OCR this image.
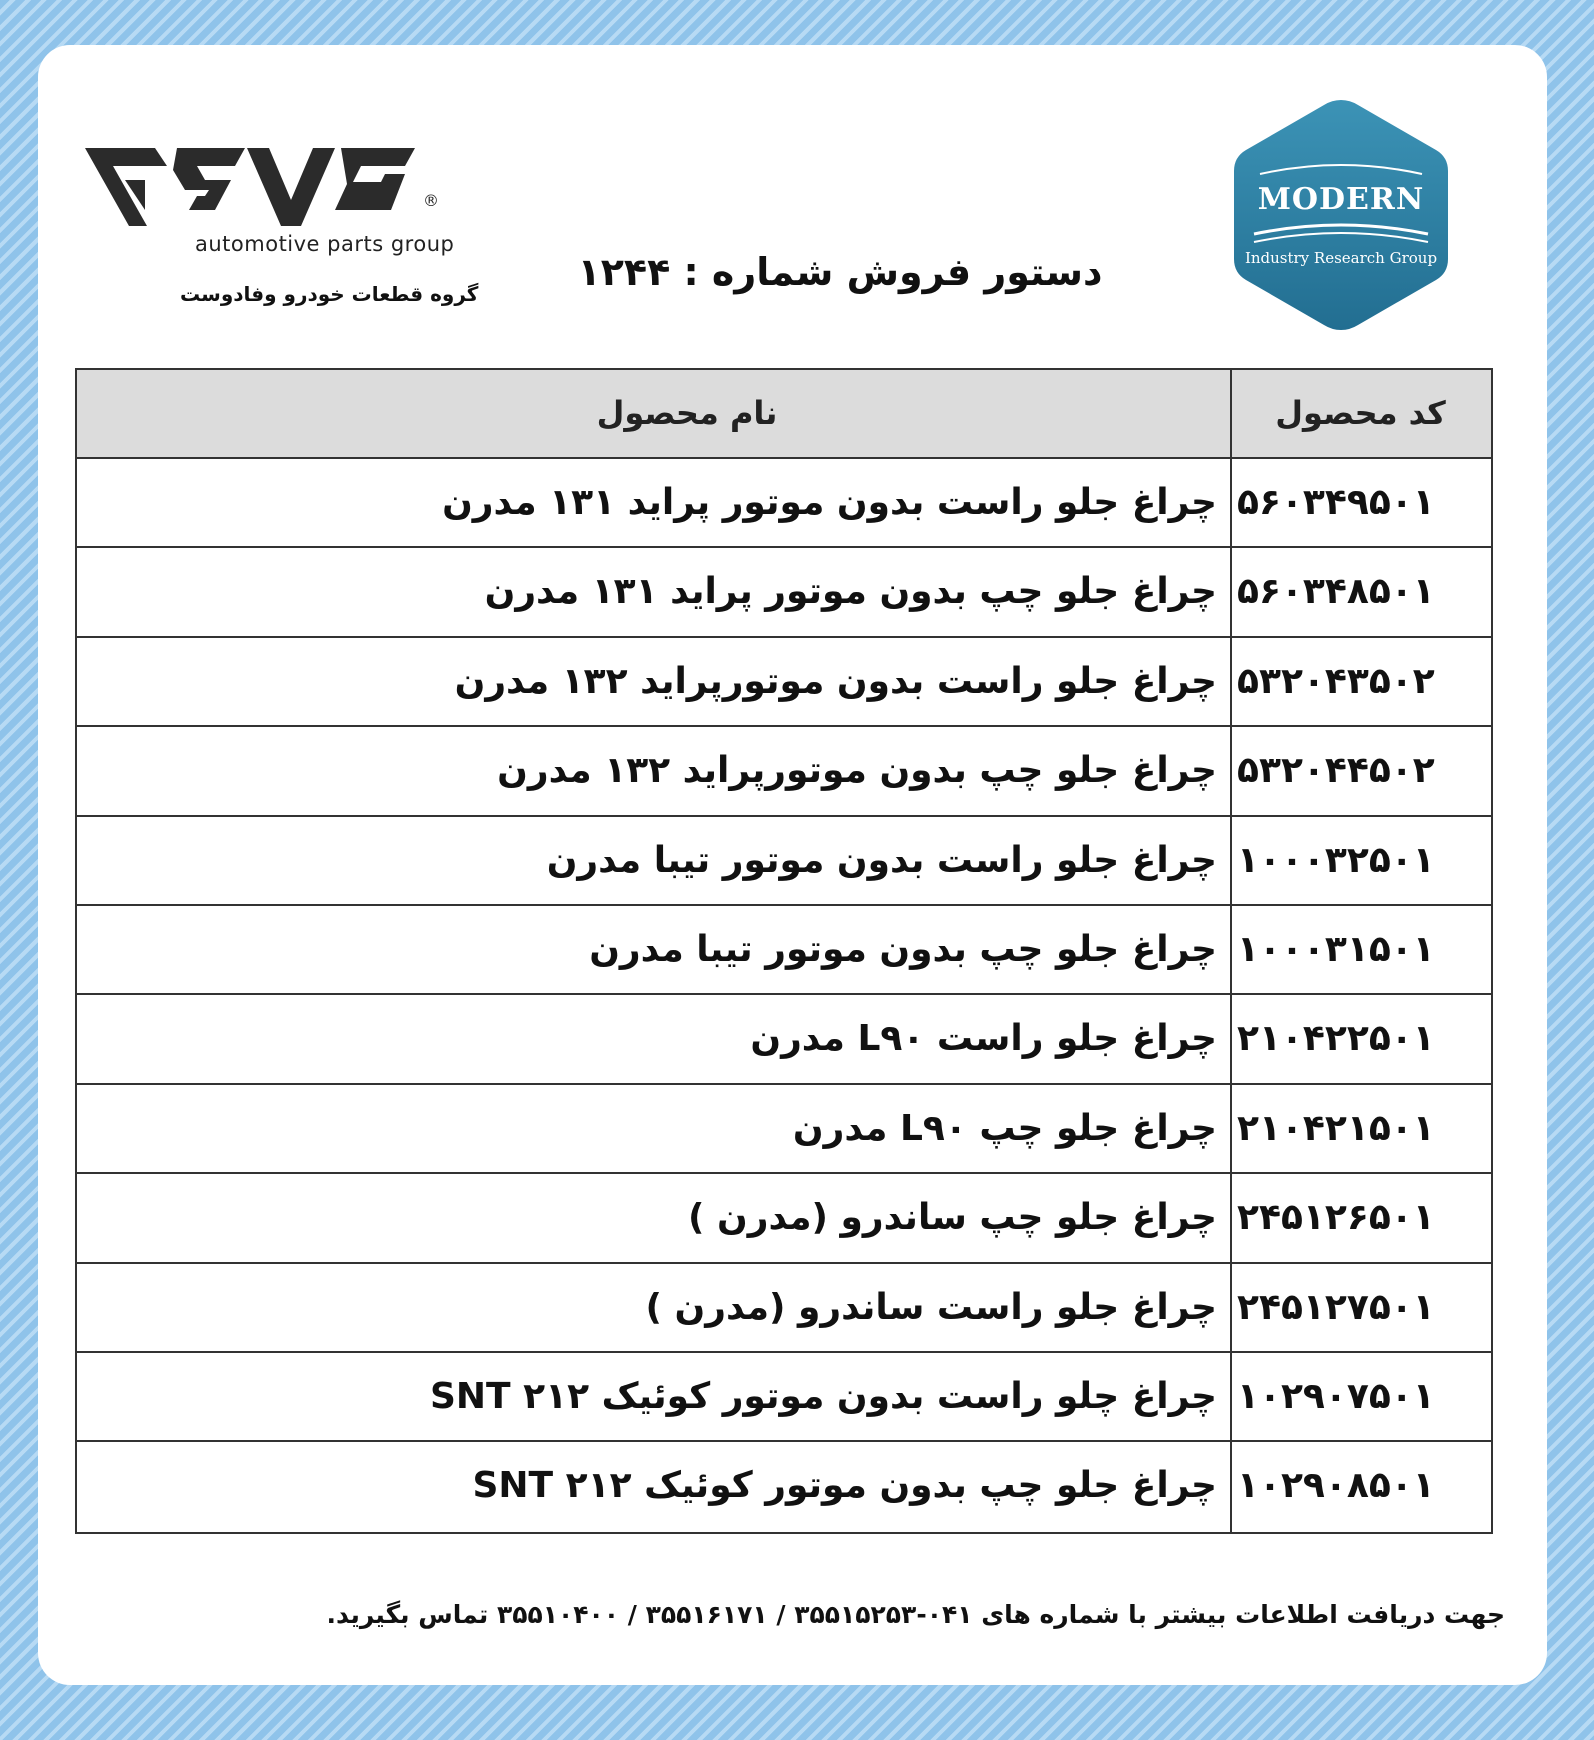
®
automotive parts group
گروه قطعات خودرو وفادوست
MODERN
Industry Research Group
دستور فروش شماره : ۱۲۴۴
کد محصول
نام محصول
۵۶۰۳۴۹۵۰۱
چراغ جلو راست بدون موتور پراید ۱۳۱ مدرن
۵۶۰۳۴۸۵۰۱
چراغ جلو چپ بدون موتور پراید ۱۳۱ مدرن
۵۳۲۰۴۳۵۰۲
چراغ جلو راست بدون موتورپراید ۱۳۲ مدرن
۵۳۲۰۴۴۵۰۲
چراغ جلو چپ بدون موتورپراید ۱۳۲ مدرن
۱۰۰۰۳۲۵۰۱
چراغ جلو راست بدون موتور تیبا مدرن
۱۰۰۰۳۱۵۰۱
چراغ جلو چپ بدون موتور تیبا مدرن
۲۱۰۴۲۲۵۰۱
چراغ جلو راست L۹۰ مدرن
۲۱۰۴۲۱۵۰۱
چراغ جلو چپ L۹۰ مدرن
۲۴۵۱۲۶۵۰۱
چراغ جلو چپ ساندرو (مدرن )
۲۴۵۱۲۷۵۰۱
چراغ جلو راست ساندرو (مدرن )
۱۰۲۹۰۷۵۰۱
چراغ چلو راست بدون موتور کوئیک ۲۱۲ SNT
۱۰۲۹۰۸۵۰۱
چراغ جلو چپ بدون موتور کوئیک ۲۱۲ SNT
جهت دریافت اطلاعات بیشتر با شماره های ۰۴۱-۳۵۵۱۵۲۵۳ / ۳۵۵۱۶۱۷۱ / ۳۵۵۱۰۴۰۰ تماس بگیرید.
